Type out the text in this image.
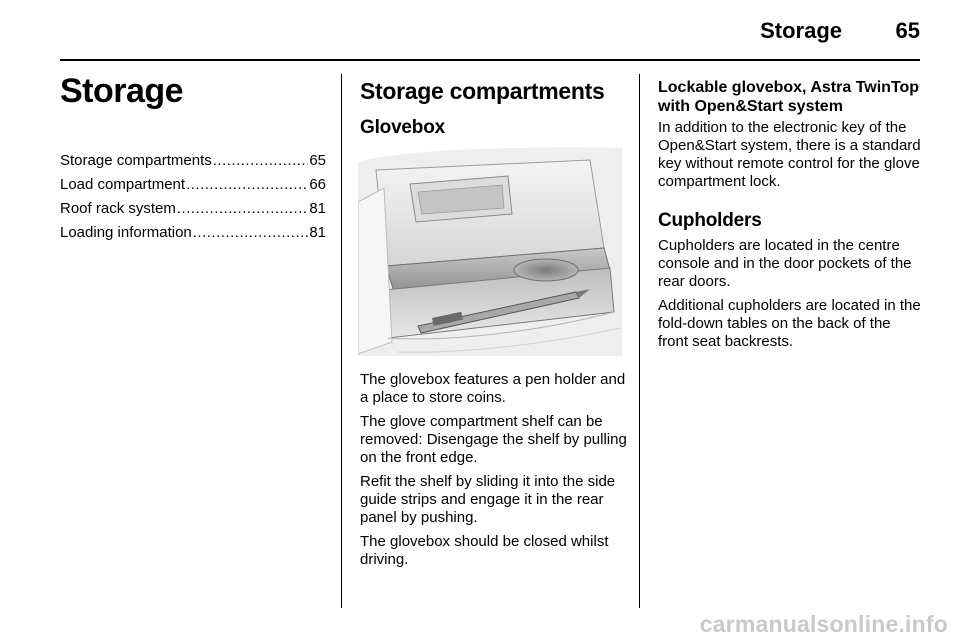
Storage 65
Storage
Storage compartments .....	65
Load compartment .....	66
Roof rack system .....	81
Loading information .....	81
Storage compartments
Glovebox

The glovebox features a pen holder and a place to store coins.

The glove compartment shelf can be removed: Disengage the shelf by pulling on the front edge.

Refit the shelf by sliding it into the side guide strips and engage it in the rear panel by pushing.

The glovebox should be closed whilst driving.

Lockable glovebox, Astra TwinTop with Open&Start system
In addition to the electronic key of the Open&Start system, there is a standard key without remote control for the glove compartment lock.
Cupholders

Cupholders are located in the centre console and in the door pockets of the rear doors.

Additional cupholders are located in the fold-down tables on the back of the front seat backrests.

carmanualsonline.info
